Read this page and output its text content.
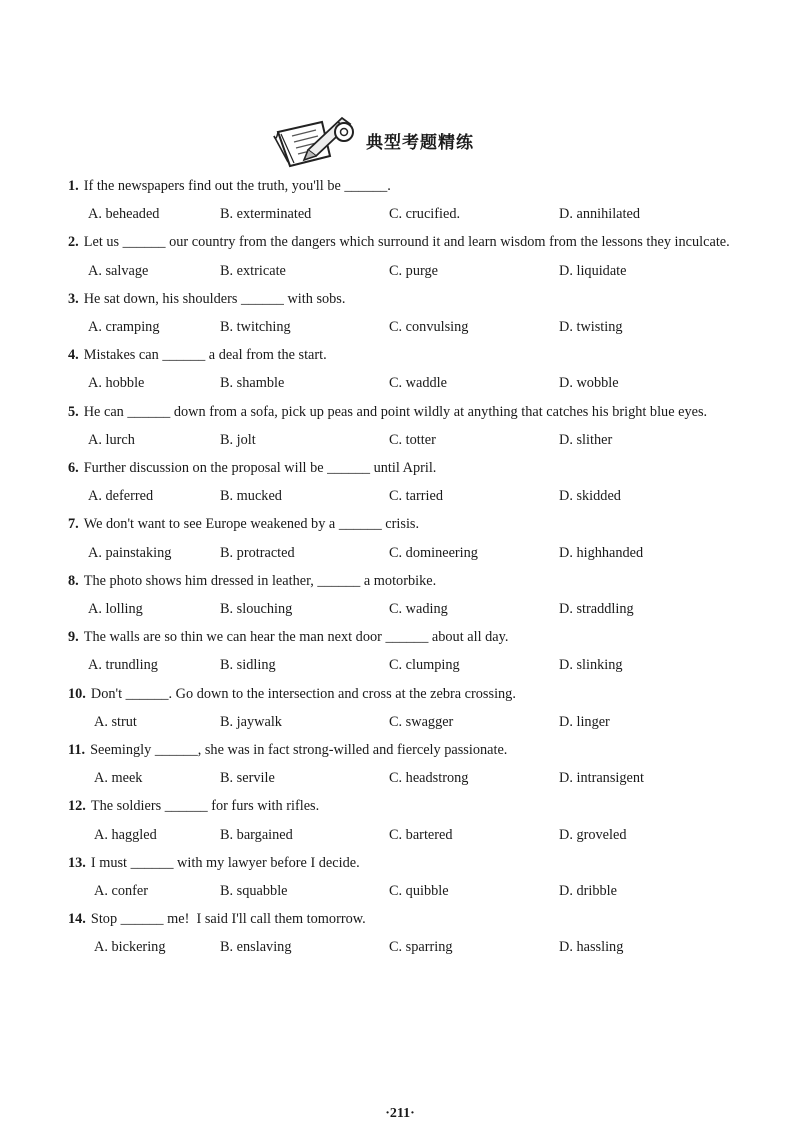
典型考题精练
1. If the newspapers find out the truth, you'll be ______.
A. beheaded	B. exterminated	C. crucified.	D. annihilated
2. Let us ______ our country from the dangers which surround it and learn wisdom from the lessons they inculcate.
A. salvage	B. extricate	C. purge	D. liquidate
3. He sat down, his shoulders ______ with sobs.
A. cramping	B. twitching	C. convulsing	D. twisting
4. Mistakes can ______ a deal from the start.
A. hobble	B. shamble	C. waddle	D. wobble
5. He can ______ down from a sofa, pick up peas and point wildly at anything that catches his bright blue eyes.
A. lurch	B. jolt	C. totter	D. slither
6. Further discussion on the proposal will be ______ until April.
A. deferred	B. mucked	C. tarried	D. skidded
7. We don't want to see Europe weakened by a ______ crisis.
A. painstaking	B. protracted	C. domineering	D. highhanded
8. The photo shows him dressed in leather, ______ a motorbike.
A. lolling	B. slouching	C. wading	D. straddling
9. The walls are so thin we can hear the man next door ______ about all day.
A. trundling	B. sidling	C. clumping	D. slinking
10. Don't ______. Go down to the intersection and cross at the zebra crossing.
A. strut	B. jaywalk	C. swagger	D. linger
11. Seemingly ______, she was in fact strong-willed and fiercely passionate.
A. meek	B. servile	C. headstrong	D. intransigent
12. The soldiers ______ for furs with rifles.
A. haggled	B. bargained	C. bartered	D. groveled
13. I must ______ with my lawyer before I decide.
A. confer	B. squabble	C. quibble	D. dribble
14. Stop ______ me!  I said I'll call them tomorrow.
A. bickering	B. enslaving	C. sparring	D. hassling
·211·
